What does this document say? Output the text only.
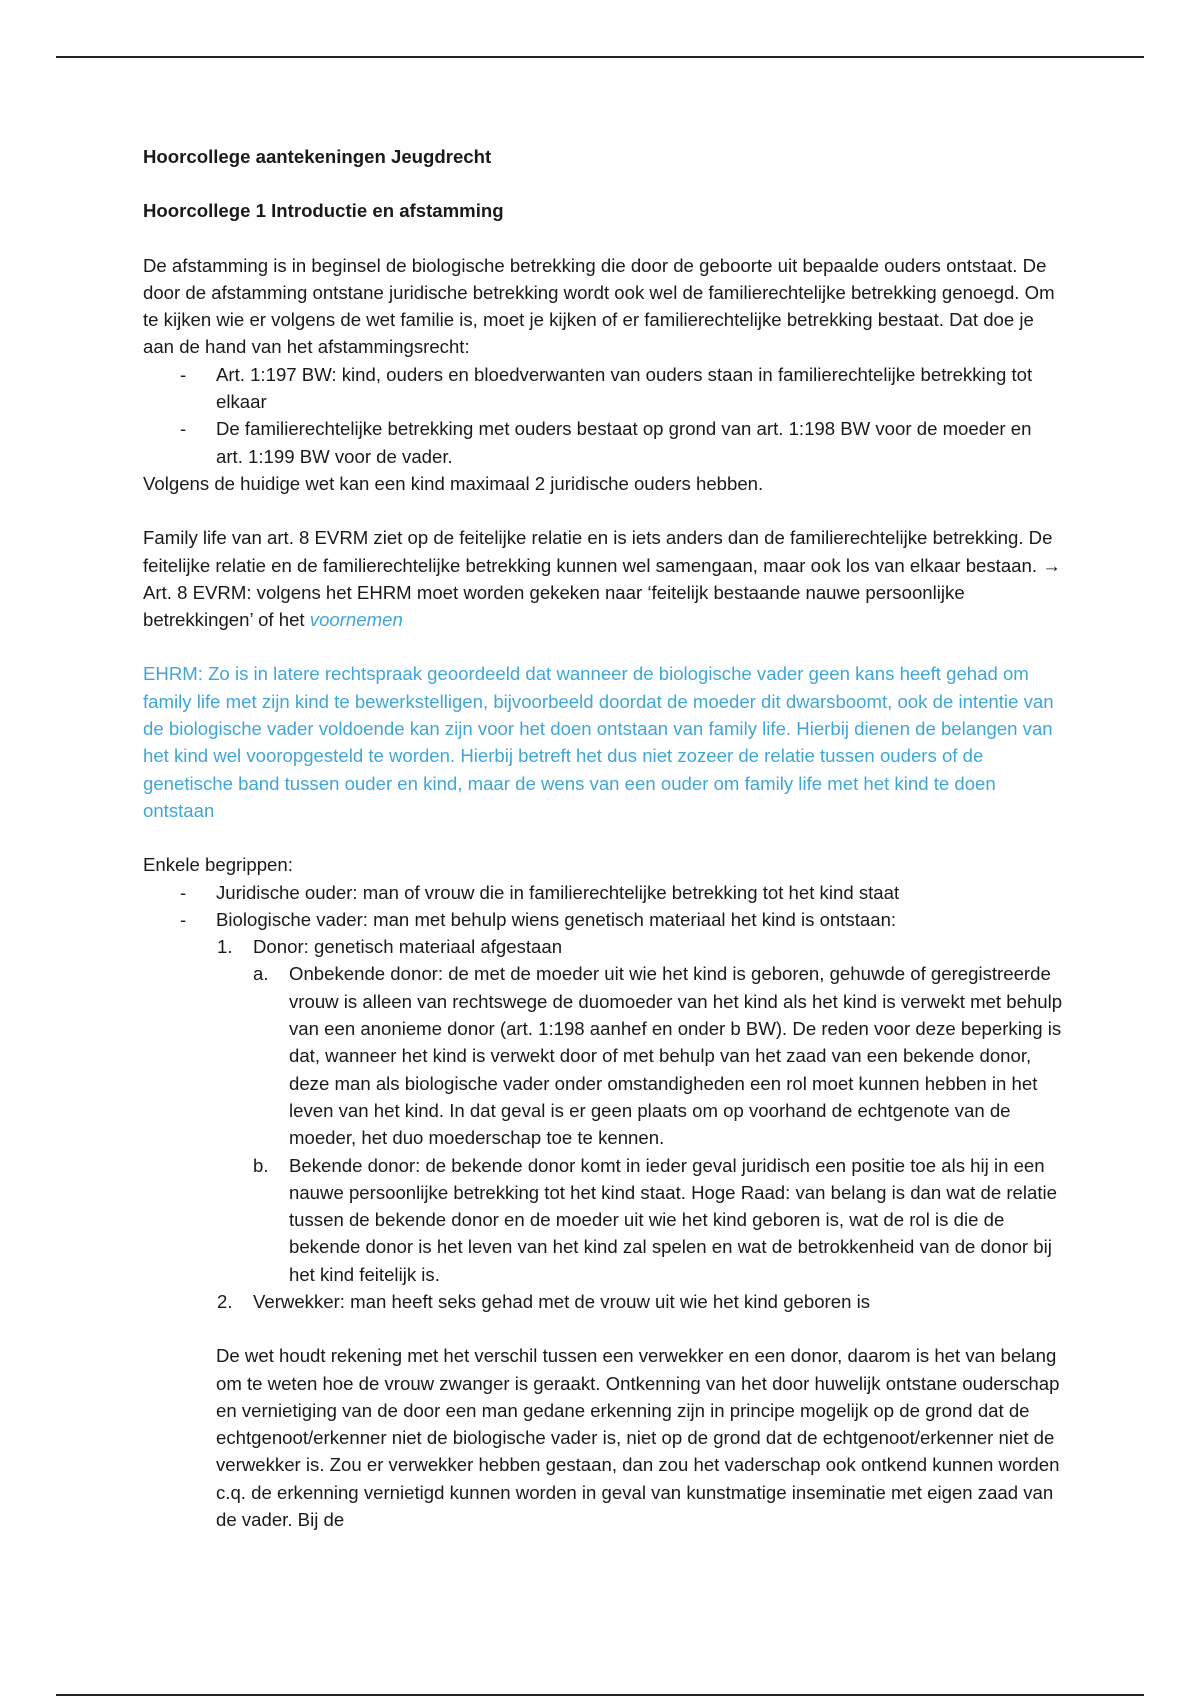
Hoorcollege aantekeningen Jeugdrecht

Hoorcollege 1 Introductie en afstamming

De afstamming is in beginsel de biologische betrekking die door de geboorte uit bepaalde ouders ontstaat. De door de afstamming ontstane juridische betrekking wordt ook wel de familierechtelijke betrekking genoegd. Om te kijken wie er volgens de wet familie is, moet je kijken of er familierechtelijke betrekking bestaat. Dat doe je aan de hand van het afstammingsrecht:

-	Art. 1:197 BW: kind, ouders en bloedverwanten van ouders staan in familierechtelijke betrekking tot elkaar
-	De familierechtelijke betrekking met ouders bestaat op grond van art. 1:198 BW voor de moeder en art. 1:199 BW voor de vader.

Volgens de huidige wet kan een kind maximaal 2 juridische ouders hebben.

Family life van art. 8 EVRM ziet op de feitelijke relatie en is iets anders dan de familierechtelijke betrekking. De feitelijke relatie en de familierechtelijke betrekking kunnen wel samengaan, maar ook los van elkaar bestaan. → Art. 8 EVRM: volgens het EHRM moet worden gekeken naar ‘feitelijk bestaande nauwe persoonlijke betrekkingen’ of het voornemen

EHRM: Zo is in latere rechtspraak geoordeeld dat wanneer de biologische vader geen kans heeft gehad om family life met zijn kind te bewerkstelligen, bijvoorbeeld doordat de moeder dit dwarsboomt, ook de intentie van de biologische vader voldoende kan zijn voor het doen ontstaan van family life. Hierbij dienen de belangen van het kind wel vooropgesteld te worden. Hierbij betreft het dus niet zozeer de relatie tussen ouders of de genetische band tussen ouder en kind, maar de wens van een ouder om family life met het kind te doen ontstaan

Enkele begrippen:

-	Juridische ouder: man of vrouw die in familierechtelijke betrekking tot het kind staat
-	Biologische vader: man met behulp wiens genetisch materiaal het kind is ontstaan:
1.	Donor: genetisch materiaal afgestaan
a.	Onbekende donor: de met de moeder uit wie het kind is geboren, gehuwde of geregistreerde vrouw is alleen van rechtswege de duomoeder van het kind als het kind is verwekt met behulp van een anonieme donor (art. 1:198 aanhef en onder b BW). De reden voor deze beperking is dat, wanneer het kind is verwekt door of met behulp van het zaad van een bekende donor, deze man als biologische vader onder omstandigheden een rol moet kunnen hebben in het leven van het kind. In dat geval is er geen plaats om op voorhand de echtgenote van de moeder, het duo moederschap toe te kennen.
b.	Bekende donor: de bekende donor komt in ieder geval juridisch een positie toe als hij in een nauwe persoonlijke betrekking tot het kind staat. Hoge Raad: van belang is dan wat de relatie tussen de bekende donor en de moeder uit wie het kind geboren is, wat de rol is die de bekende donor is het leven van het kind zal spelen en wat de betrokkenheid van de donor bij het kind feitelijk is.
2.	Verwekker: man heeft seks gehad met de vrouw uit wie het kind geboren is

De wet houdt rekening met het verschil tussen een verwekker en een donor, daarom is het van belang om te weten hoe de vrouw zwanger is geraakt. Ontkenning van het door huwelijk ontstane ouderschap en vernietiging van de door een man gedane erkenning zijn in principe mogelijk op de grond dat de echtgenoot/erkenner niet de biologische vader is, niet op de grond dat de echtgenoot/erkenner niet de verwekker is. Zou er verwekker hebben gestaan, dan zou het vaderschap ook ontkend kunnen worden c.q. de erkenning vernietigd kunnen worden in geval van kunstmatige inseminatie met eigen zaad van de vader. Bij de
